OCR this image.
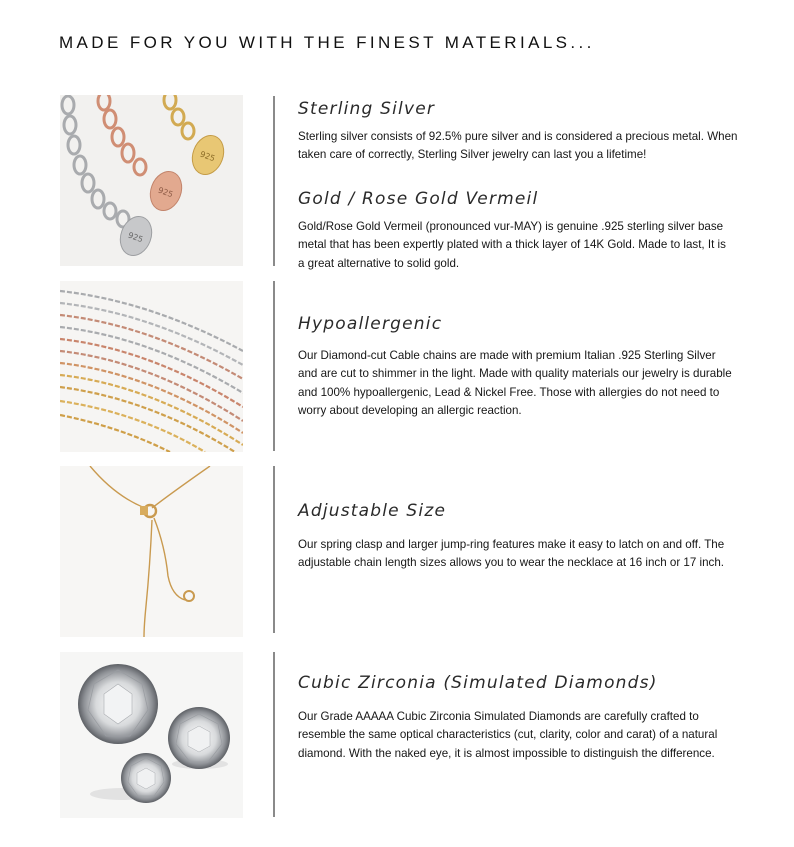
MADE FOR YOU WITH THE FINEST MATERIALS...
925
925
925
Sterling Silver
Sterling silver consists of 92.5% pure silver and is considered a precious metal. When taken care of correctly, Sterling Silver jewelry can last you a lifetime!
Gold / Rose Gold Vermeil
Gold/Rose Gold Vermeil (pronounced vur-MAY) is genuine .925 sterling silver base metal that has been expertly plated with a thick layer of 14K Gold. Made to last, It is a great alternative to solid gold.
Hypoallergenic
Our Diamond-cut Cable chains are made with premium Italian .925 Sterling Silver and are cut to shimmer in the light. Made with quality materials our jewelry is durable and 100% hypoallergenic, Lead & Nickel Free. Those with allergies do not need to worry about developing an allergic reaction.
Adjustable Size
Our spring clasp and larger jump-ring features make it easy to latch on and off. The adjustable chain length sizes allows you to wear the necklace at 16 inch or 17 inch.
Cubic Zirconia (Simulated Diamonds)
Our Grade AAAAA Cubic Zirconia Simulated Diamonds are carefully crafted to resemble the same optical characteristics (cut, clarity, color and carat) of a natural diamond. With the naked eye, it is almost impossible to distinguish the difference.
